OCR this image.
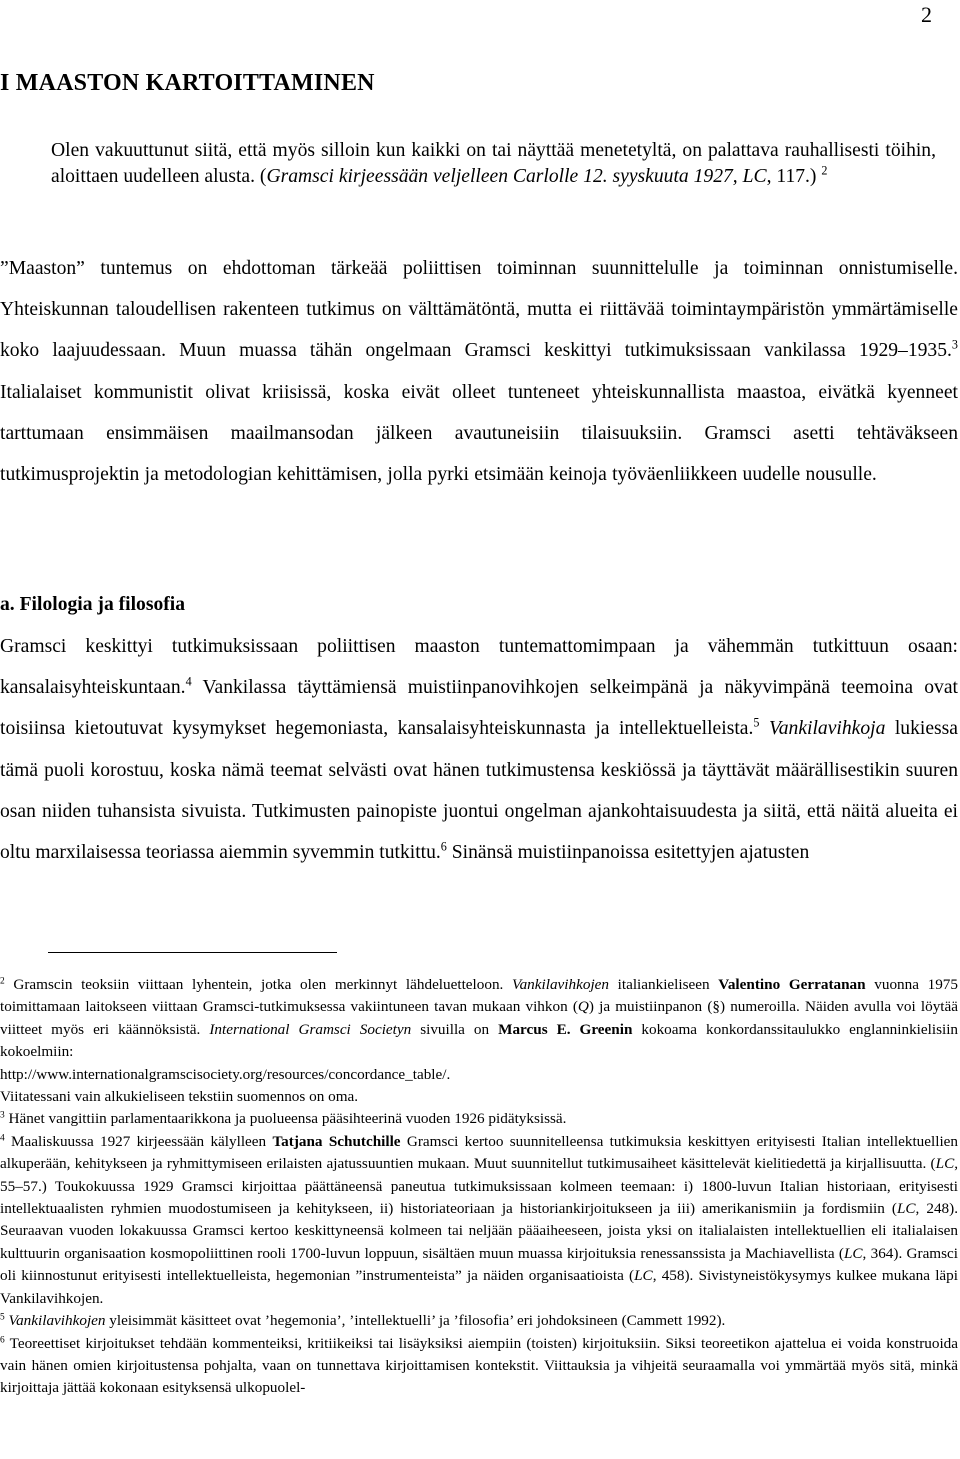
2
I MAASTON KARTOITTAMINEN
Olen vakuuttunut siitä, että myös silloin kun kaikki on tai näyttää menetetyltä, on palattava rauhallisesti töihin, aloittaen uudelleen alusta. (Gramsci kirjeessään veljelleen Carlolle 12. syyskuuta 1927, LC, 117.) $^2$
”Maaston” tuntemus on ehdottoman tärkeää poliittisen toiminnan suunnittelulle ja toiminnan onnistumiselle. Yhteiskunnan taloudellisen rakenteen tutkimus on välttämätöntä, mutta ei riittävää toimintaympäristön ymmärtämiselle koko laajuudessaan. Muun muassa tähän ongelmaan Gramsci keskittyi tutkimuksissaan vankilassa 1929–1935.$^3$ Italialaiset kommunistit olivat kriisissä, koska eivät olleet tunteneet yhteiskunnallista maastoa, eivätkä kyenneet tarttumaan ensimmäisen maailmansodan jälkeen avautuneisiin tilaisuuksiin. Gramsci asetti tehtäväkseen tutkimusprojektin ja metodologian kehittämisen, jolla pyrki etsimään keinoja työväenliikkeen uudelle nousulle.
a. Filologia ja filosofia
Gramsci keskittyi tutkimuksissaan poliittisen maaston tuntemattomimpaan ja vähemmän tutkittuun osaan: kansalaisyhteiskuntaan.$^4$ Vankilassa täyttämiensä muistiinpanovihkojen selkeimpänä ja näkyvimpänä teemoina ovat toisiinsa kietoutuvat kysymykset hegemoniasta, kansalaisyhteiskunnasta ja intellektuelleista.$^5$ Vankilavihkoja lukiessa tämä puoli korostuu, koska nämä teemat selvästi ovat hänen tutkimustensa keskiössä ja täyttävät määrällisestikin suuren osan niiden tuhansista sivuista. Tutkimusten painopiste juontui ongelman ajankohtaisuudesta ja siitä, että näitä alueita ei oltu marxilaisessa teoriassa aiemmin syvemmin tutkittu.$^6$ Sinänsä muistiinpanoissa esitettyjen ajatusten

$^2$ Gramscin teoksiin viittaan lyhentein, jotka olen merkinnyt lähdeluetteloon. Vankilavihkojen italiankieliseen Valentino Gerratanan vuonna 1975 toimittamaan laitokseen viittaan Gramsci-tutkimuksessa vakiintuneen tavan mukaan vihkon (Q) ja muistiinpanon (§) numeroilla. Näiden avulla voi löytää viitteet myös eri käännöksistä. International Gramsci Societyn sivuilla on Marcus E. Greenin kokoama konkordanssitaulukko englanninkielisiin kokoelmiin:

http://www.internationalgramscisociety.org/resources/concordance_table/.

Viitatessani vain alkukieliseen tekstiin suomennos on oma.

$^3$ Hänet vangittiin parlamentaarikkona ja puolueensa pääsihteerinä vuoden 1926 pidätyksissä.

$^4$ Maaliskuussa 1927 kirjeessään kälylleen Tatjana Schutchille Gramsci kertoo suunnitelleensa tutkimuksia keskittyen erityisesti Italian intellektuellien alkuperään, kehitykseen ja ryhmittymiseen erilaisten ajatussuuntien mukaan. Muut suunnitellut tutkimusaiheet käsittelevät kielitiedettä ja kirjallisuutta. (LC, 55–57.) Toukokuussa 1929 Gramsci kirjoittaa päättäneensä paneutua tutkimuksissaan kolmeen teemaan: i) 1800-luvun Italian historiaan, erityisesti intellektuaalisten ryhmien muodostumiseen ja kehitykseen, ii) historiateoriaan ja historiankirjoitukseen ja iii) amerikanismiin ja fordismiin (LC, 248). Seuraavan vuoden lokakuussa Gramsci kertoo keskittyneensä kolmeen tai neljään pääaiheeseen, joista yksi on italialaisten intellektuellien eli italialaisen kulttuurin organisaation kosmopoliittinen rooli 1700-luvun loppuun, sisältäen muun muassa kirjoituksia renessanssista ja Machiavellista (LC, 364). Gramsci oli kiinnostunut erityisesti intellektuelleista, hegemonian ”instrumenteista” ja näiden organisaatioista (LC, 458). Sivistyneistökysymys kulkee mukana läpi Vankilavihkojen.

$^5$ Vankilavihkojen yleisimmät käsitteet ovat ’hegemonia’, ’intellektuelli’ ja ’filosofia’ eri johdoksineen (Cammett 1992).

$^6$ Teoreettiset kirjoitukset tehdään kommenteiksi, kritiikeiksi tai lisäyksiksi aiempiin (toisten) kirjoituksiin. Siksi teoreetikon ajattelua ei voida konstruoida vain hänen omien kirjoitustensa pohjalta, vaan on tunnettava kirjoittamisen kontekstit. Viittauksia ja vihjeitä seuraamalla voi ymmärtää myös sitä, minkä kirjoittaja jättää kokonaan esityksensä ulkopuolel-
